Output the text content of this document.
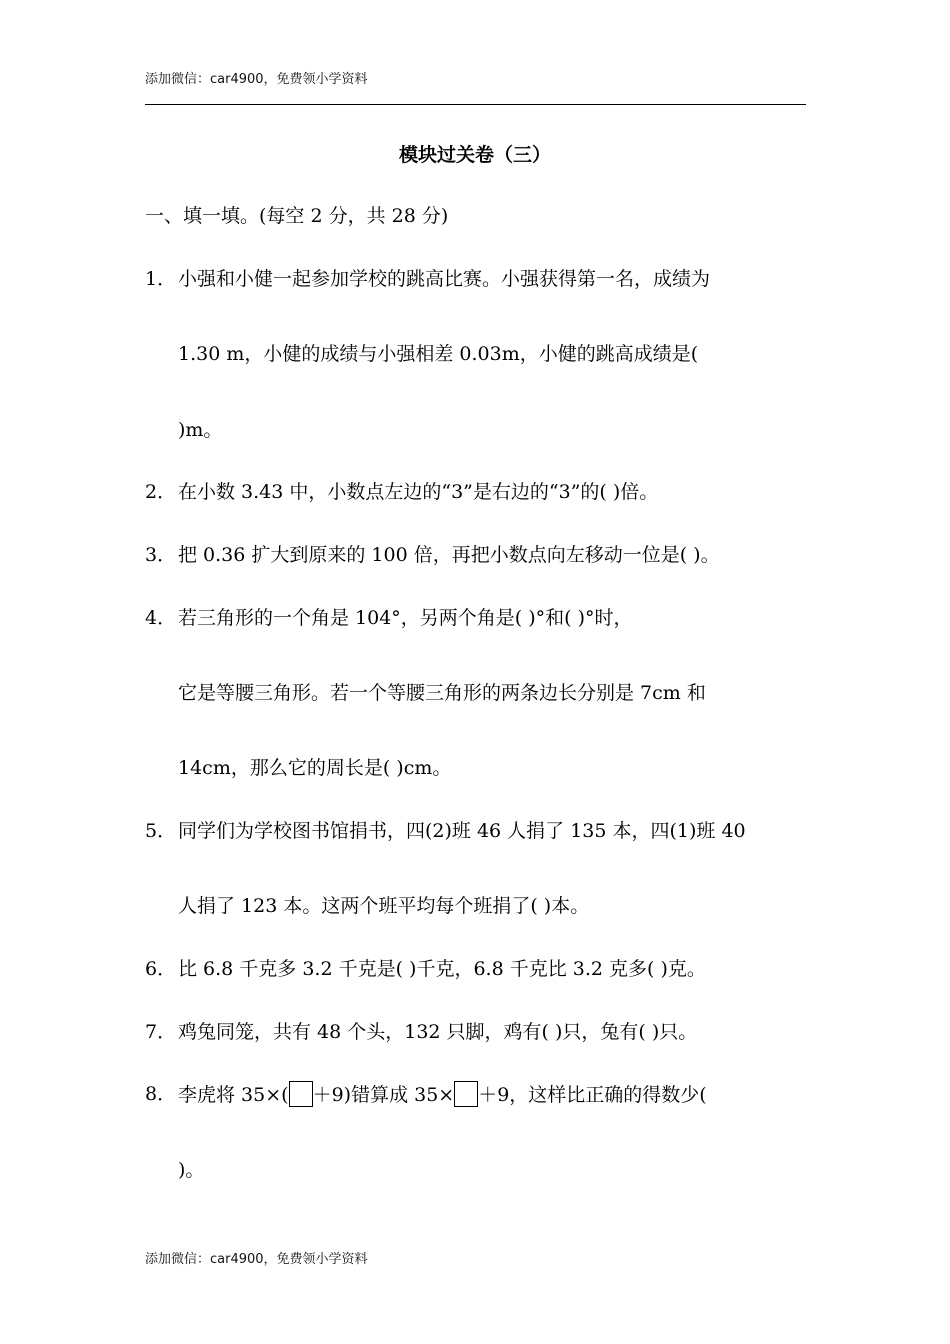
添加微信：car4900，免费领小学资料
模块过关卷（三）
一、填一填。(每空 2 分，共 28 分)
1． 小强和小健一起参加学校的跳高比赛。小强获得第一名，成绩为
1.30 m，小健的成绩与小强相差 0.03m，小健的跳高成绩是(
)m。
2． 在小数 3.43 中，小数点左边的“3”是右边的“3”的( )倍。
3． 把 0.36 扩大到原来的 100 倍，再把小数点向左移动一位是( )。
4． 若三角形的一个角是 104°，另两个角是( )°和( )°时，
它是等腰三角形。若一个等腰三角形的两条边长分别是 7cm 和
14cm，那么它的周长是( )cm。
5． 同学们为学校图书馆捐书，四(2)班 46 人捐了 135 本，四(1)班 40
人捐了 123 本。这两个班平均每个班捐了( )本。
6． 比 6.8 千克多 3.2 千克是( )千克，6.8 千克比 3.2 克多( )克。
7． 鸡兔同笼，共有 48 个头，132 只脚，鸡有( )只，兔有( )只。
8． 李虎将 35×( ＋9)错算成 35× ＋9，这样比正确的得数少(
)。
添加微信：car4900，免费领小学资料
